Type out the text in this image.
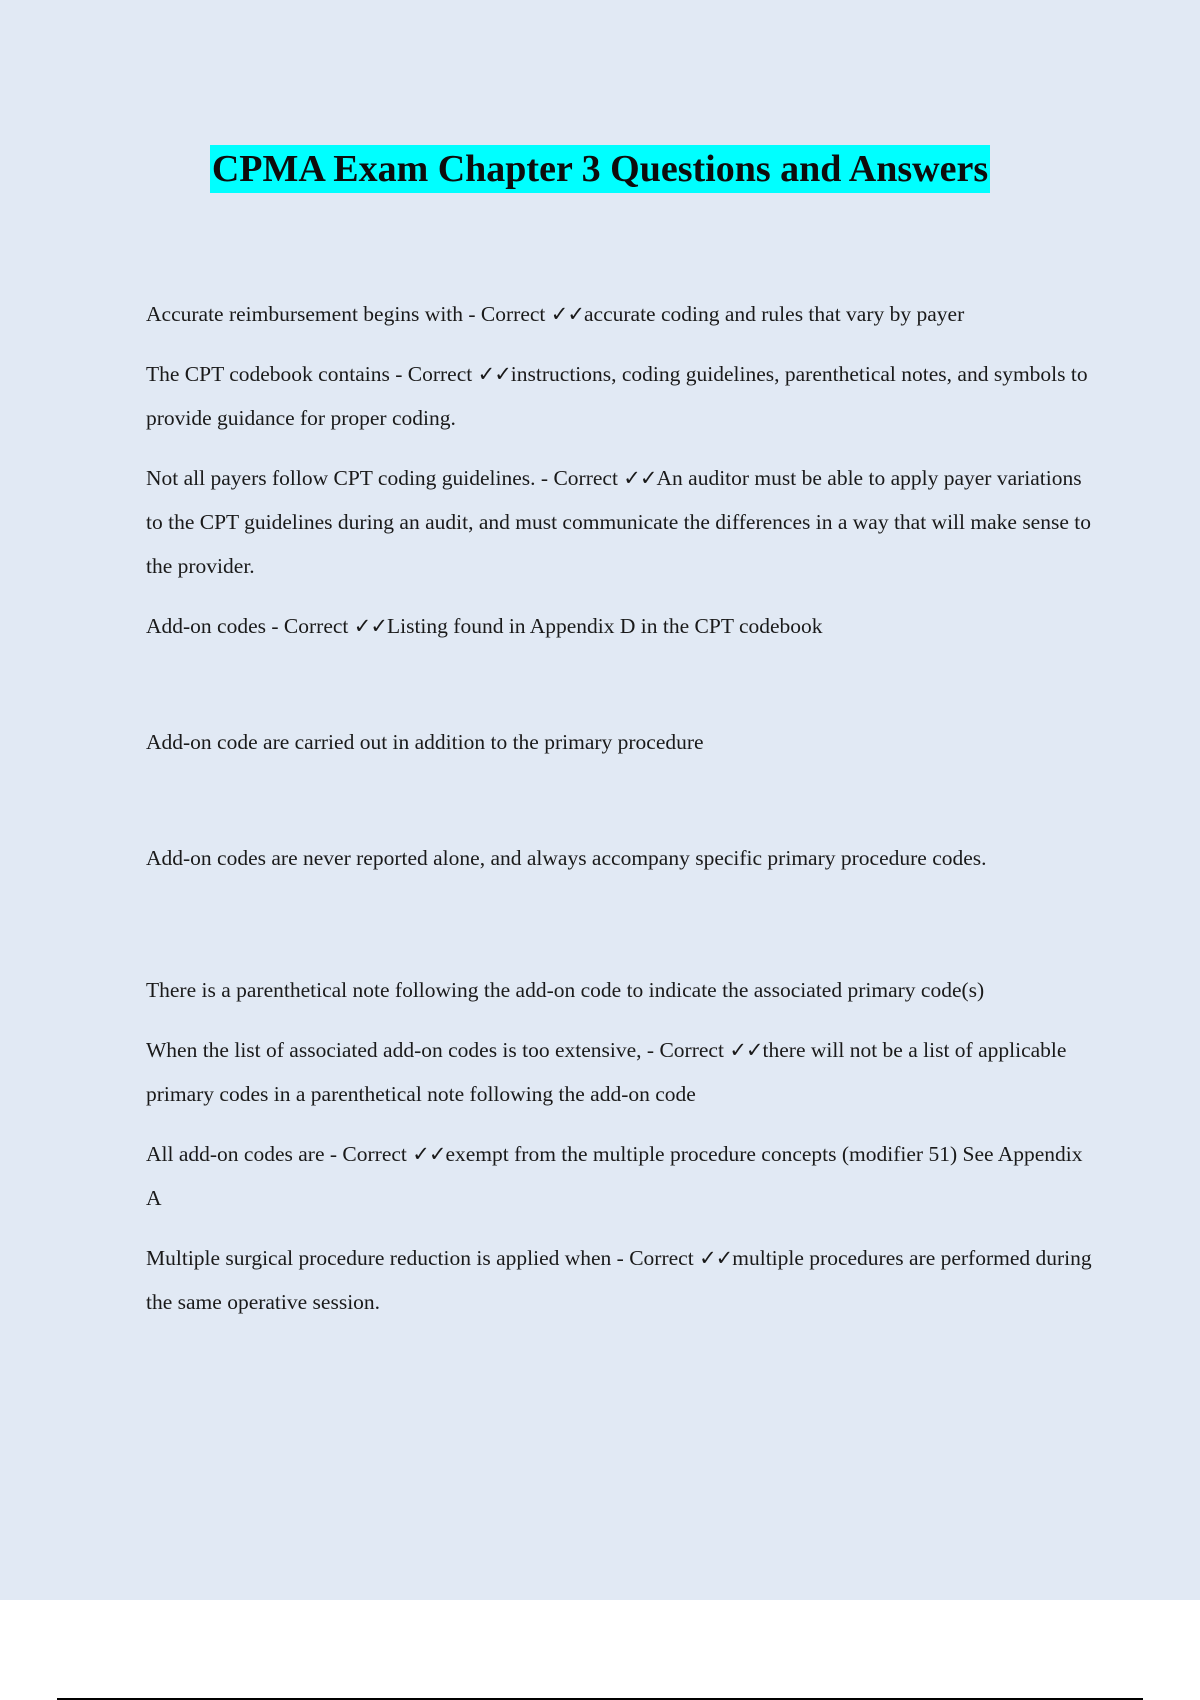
CPMA Exam Chapter 3 Questions and Answers

Accurate reimbursement begins with - Correct ✓✓accurate coding and rules that vary by payer

The CPT codebook contains - Correct ✓✓instructions, coding guidelines, parenthetical notes, and symbols to provide guidance for proper coding.

Not all payers follow CPT coding guidelines. - Correct ✓✓An auditor must be able to apply payer variations to the CPT guidelines during an audit, and must communicate the differences in a way that will make sense to the provider.

Add-on codes - Correct ✓✓Listing found in Appendix D in the CPT codebook

Add-on code are carried out in addition to the primary procedure

Add-on codes are never reported alone, and always accompany specific primary procedure codes.

There is a parenthetical note following the add-on code to indicate the associated primary code(s)

When the list of associated add-on codes is too extensive, - Correct ✓✓there will not be a list of applicable primary codes in a parenthetical note following the add-on code

All add-on codes are - Correct ✓✓exempt from the multiple procedure concepts (modifier 51) See Appendix A

Multiple surgical procedure reduction is applied when - Correct ✓✓multiple procedures are performed during the same operative session.
